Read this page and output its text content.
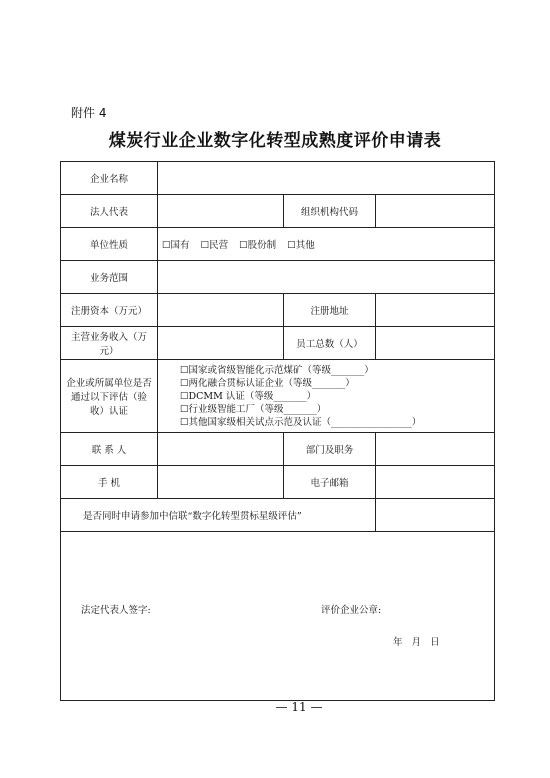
附件 4
煤炭行业企业数字化转型成熟度评价申请表
企业名称			
法人代表		组织机构代码	
单位性质	☐国有 ☐民营 ☐股份制 ☐其他		
业务范围			
注册资本（万元）		注册地址	
主营业务收入（万元）		员工总数（人）	
企业或所属单位是否通过以下评估（验收）认证	☐国家或省级智能化示范煤矿（等级_______）
☐两化融合贯标认证企业（等级_______）
☐DCMM 认证（等级_______）
☐行业级智能工厂（等级_______）
☐其他国家级相关试点示范及认证（_________________）		

联 系 人		部门及职务	
手 机		电子邮箱	
是否同时申请参加中信联“数字化转型贯标星级评估”			

法定代表人签字: 评价企业公章:
年   月   日			
— 11 —
